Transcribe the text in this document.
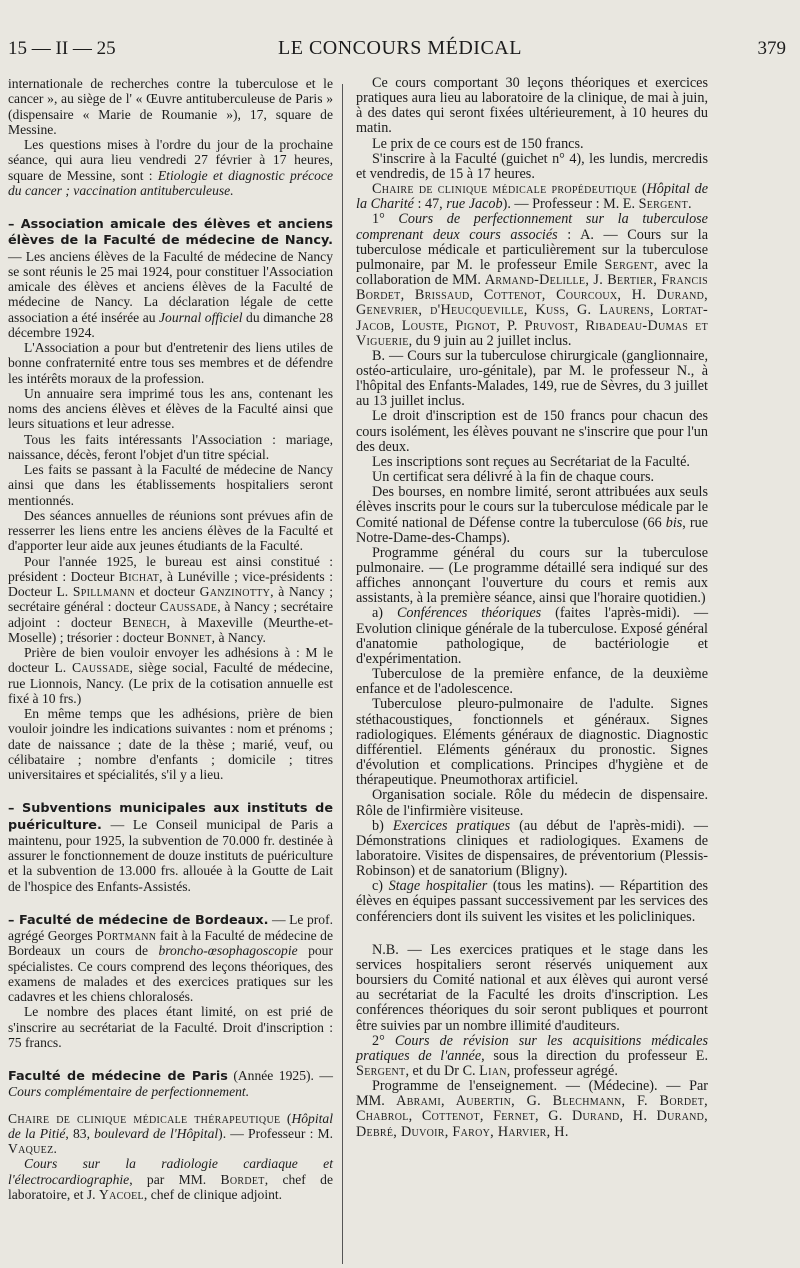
15 — II — 25	LE CONCOURS MÉDICAL	379

internationale de recherches contre la tuberculose et le cancer », au siège de l' « Œuvre antituberculeuse de Paris » (dispensaire « Marie de Roumanie »), 17, square de Messine.

Les questions mises à l'ordre du jour de la prochaine séance, qui aura lieu vendredi 27 février à 17 heures, square de Messine, sont : Etiologie et diagnostic précoce du cancer ; vaccination antituberculeuse.

– Association amicale des élèves et anciens élèves de la Faculté de médecine de Nancy. — Les anciens élèves de la Faculté de médecine de Nancy se sont réunis le 25 mai 1924, pour constituer l'Association amicale des élèves et anciens élèves de la Faculté de médecine de Nancy. La déclaration légale de cette association a été insérée au Journal officiel du dimanche 28 décembre 1924.

L'Association a pour but d'entretenir des liens utiles de bonne confraternité entre tous ses membres et de défendre les intérêts moraux de la profession.

Un annuaire sera imprimé tous les ans, contenant les noms des anciens élèves et élèves de la Faculté ainsi que leurs situations et leur adresse.

Tous les faits intéressants l'Association : mariage, naissance, décès, feront l'objet d'un titre spécial.

Les faits se passant à la Faculté de médecine de Nancy ainsi que dans les établissements hospitaliers seront mentionnés.

Des séances annuelles de réunions sont prévues afin de resserrer les liens entre les anciens élèves de la Faculté et d'apporter leur aide aux jeunes étudiants de la Faculté.

Pour l'année 1925, le bureau est ainsi constitué : président : Docteur Bichat, à Lunéville ; vice-présidents : Docteur L. Spillmann et docteur Ganzinotty, à Nancy ; secrétaire général : docteur Caussade, à Nancy ; secrétaire adjoint : docteur Benech, à Maxeville (Meurthe-et-Moselle) ; trésorier : docteur Bonnet, à Nancy.

Prière de bien vouloir envoyer les adhésions à : M le docteur L. Caussade, siège social, Faculté de médecine, rue Lionnois, Nancy. (Le prix de la cotisation annuelle est fixé à 10 frs.)

En même temps que les adhésions, prière de bien vouloir joindre les indications suivantes : nom et prénoms ; date de naissance ; date de la thèse ; marié, veuf, ou célibataire ; nombre d'enfants ; domicile ; titres universitaires et spécialités, s'il y a lieu.

– Subventions municipales aux instituts de puériculture. — Le Conseil municipal de Paris a maintenu, pour 1925, la subvention de 70.000 fr. destinée à assurer le fonctionnement de douze instituts de puériculture et la subvention de 13.000 frs. allouée à la Goutte de Lait de l'hospice des Enfants-Assistés.

– Faculté de médecine de Bordeaux. — Le prof. agrégé Georges Portmann fait à la Faculté de médecine de Bordeaux un cours de broncho-œsophagoscopie pour spécialistes. Ce cours comprend des leçons théoriques, des examens de malades et des exercices pratiques sur les cadavres et les chiens chloralosés.

Le nombre des places étant limité, on est prié de s'inscrire au secrétariat de la Faculté. Droit d'inscription : 75 francs.

Faculté de médecine de Paris (Année 1925). — Cours complémentaire de perfectionnement.

Chaire de clinique médicale thérapeutique (Hôpital de la Pitié, 83, boulevard de l'Hôpital). — Professeur : M. Vaquez.

Cours sur la radiologie cardiaque et l'électrocardiographie, par MM. Bordet, chef de laboratoire, et J. Yacoel, chef de clinique adjoint.

Ce cours comportant 30 leçons théoriques et exercices pratiques aura lieu au laboratoire de la clinique, de mai à juin, à des dates qui seront fixées ultérieurement, à 10 heures du matin.

Le prix de ce cours est de 150 francs.

S'inscrire à la Faculté (guichet n° 4), les lundis, mercredis et vendredis, de 15 à 17 heures.

Chaire de clinique médicale propédeutique (Hôpital de la Charité : 47, rue Jacob). — Professeur : M. E. Sergent.

1° Cours de perfectionnement sur la tuberculose comprenant deux cours associés : A. — Cours sur la tuberculose médicale et particulièrement sur la tuberculose pulmonaire, par M. le professeur Emile Sergent, avec la collaboration de MM. Armand-Delille, J. Bertier, Francis Bordet, Brissaud, Cottenot, Courcoux, H. Durand, Genevrier, d'Heucqueville, Kuss, G. Laurens, Lortat-Jacob, Louste, Pignot, P. Pruvost, Ribadeau-Dumas et Viguerie, du 9 juin au 2 juillet inclus.

B. — Cours sur la tuberculose chirurgicale (ganglionnaire, ostéo-articulaire, uro-génitale), par M. le professeur N., à l'hôpital des Enfants-Malades, 149, rue de Sèvres, du 3 juillet au 13 juillet inclus.

Le droit d'inscription est de 150 francs pour chacun des cours isolément, les élèves pouvant ne s'inscrire que pour l'un des deux.

Les inscriptions sont reçues au Secrétariat de la Faculté.

Un certificat sera délivré à la fin de chaque cours.

Des bourses, en nombre limité, seront attribuées aux seuls élèves inscrits pour le cours sur la tuberculose médicale par le Comité national de Défense contre la tuberculose (66 bis, rue Notre-Dame-des-Champs).

Programme général du cours sur la tuberculose pulmonaire. — (Le programme détaillé sera indiqué sur des affiches annonçant l'ouverture du cours et remis aux assistants, à la première séance, ainsi que l'horaire quotidien.)

a) Conférences théoriques (faites l'après-midi). — Evolution clinique générale de la tuberculose. Exposé général d'anatomie pathologique, de bactériologie et d'expérimentation.

Tuberculose de la première enfance, de la deuxième enfance et de l'adolescence.

Tuberculose pleuro-pulmonaire de l'adulte. Signes stéthacoustiques, fonctionnels et généraux. Signes radiologiques. Eléments généraux de diagnostic. Diagnostic différentiel. Eléments généraux du pronostic. Signes d'évolution et complications. Principes d'hygiène et de thérapeutique. Pneumothorax artificiel.

Organisation sociale. Rôle du médecin de dispensaire. Rôle de l'infirmière visiteuse.

b) Exercices pratiques (au début de l'après-midi). — Démonstrations cliniques et radiologiques. Examens de laboratoire. Visites de dispensaires, de préventorium (Plessis-Robinson) et de sanatorium (Bligny).

c) Stage hospitalier (tous les matins). — Répartition des élèves en équipes passant successivement par les services des conférenciers dont ils suivent les visites et les policliniques.

N.B. — Les exercices pratiques et le stage dans les services hospitaliers seront réservés uniquement aux boursiers du Comité national et aux élèves qui auront versé au secrétariat de la Faculté les droits d'inscription. Les conférences théoriques du soir seront publiques et pourront être suivies par un nombre illimité d'auditeurs.

2° Cours de révision sur les acquisitions médicales pratiques de l'année, sous la direction du professeur E. Sergent, et du Dr C. Lian, professeur agrégé.

Programme de l'enseignement. — (Médecine). — Par MM. Abrami, Aubertin, G. Blechmann, F. Bordet, Chabrol, Cottenot, Fernet, G. Durand, H. Durand, Debré, Duvoir, Faroy, Harvier, H.
